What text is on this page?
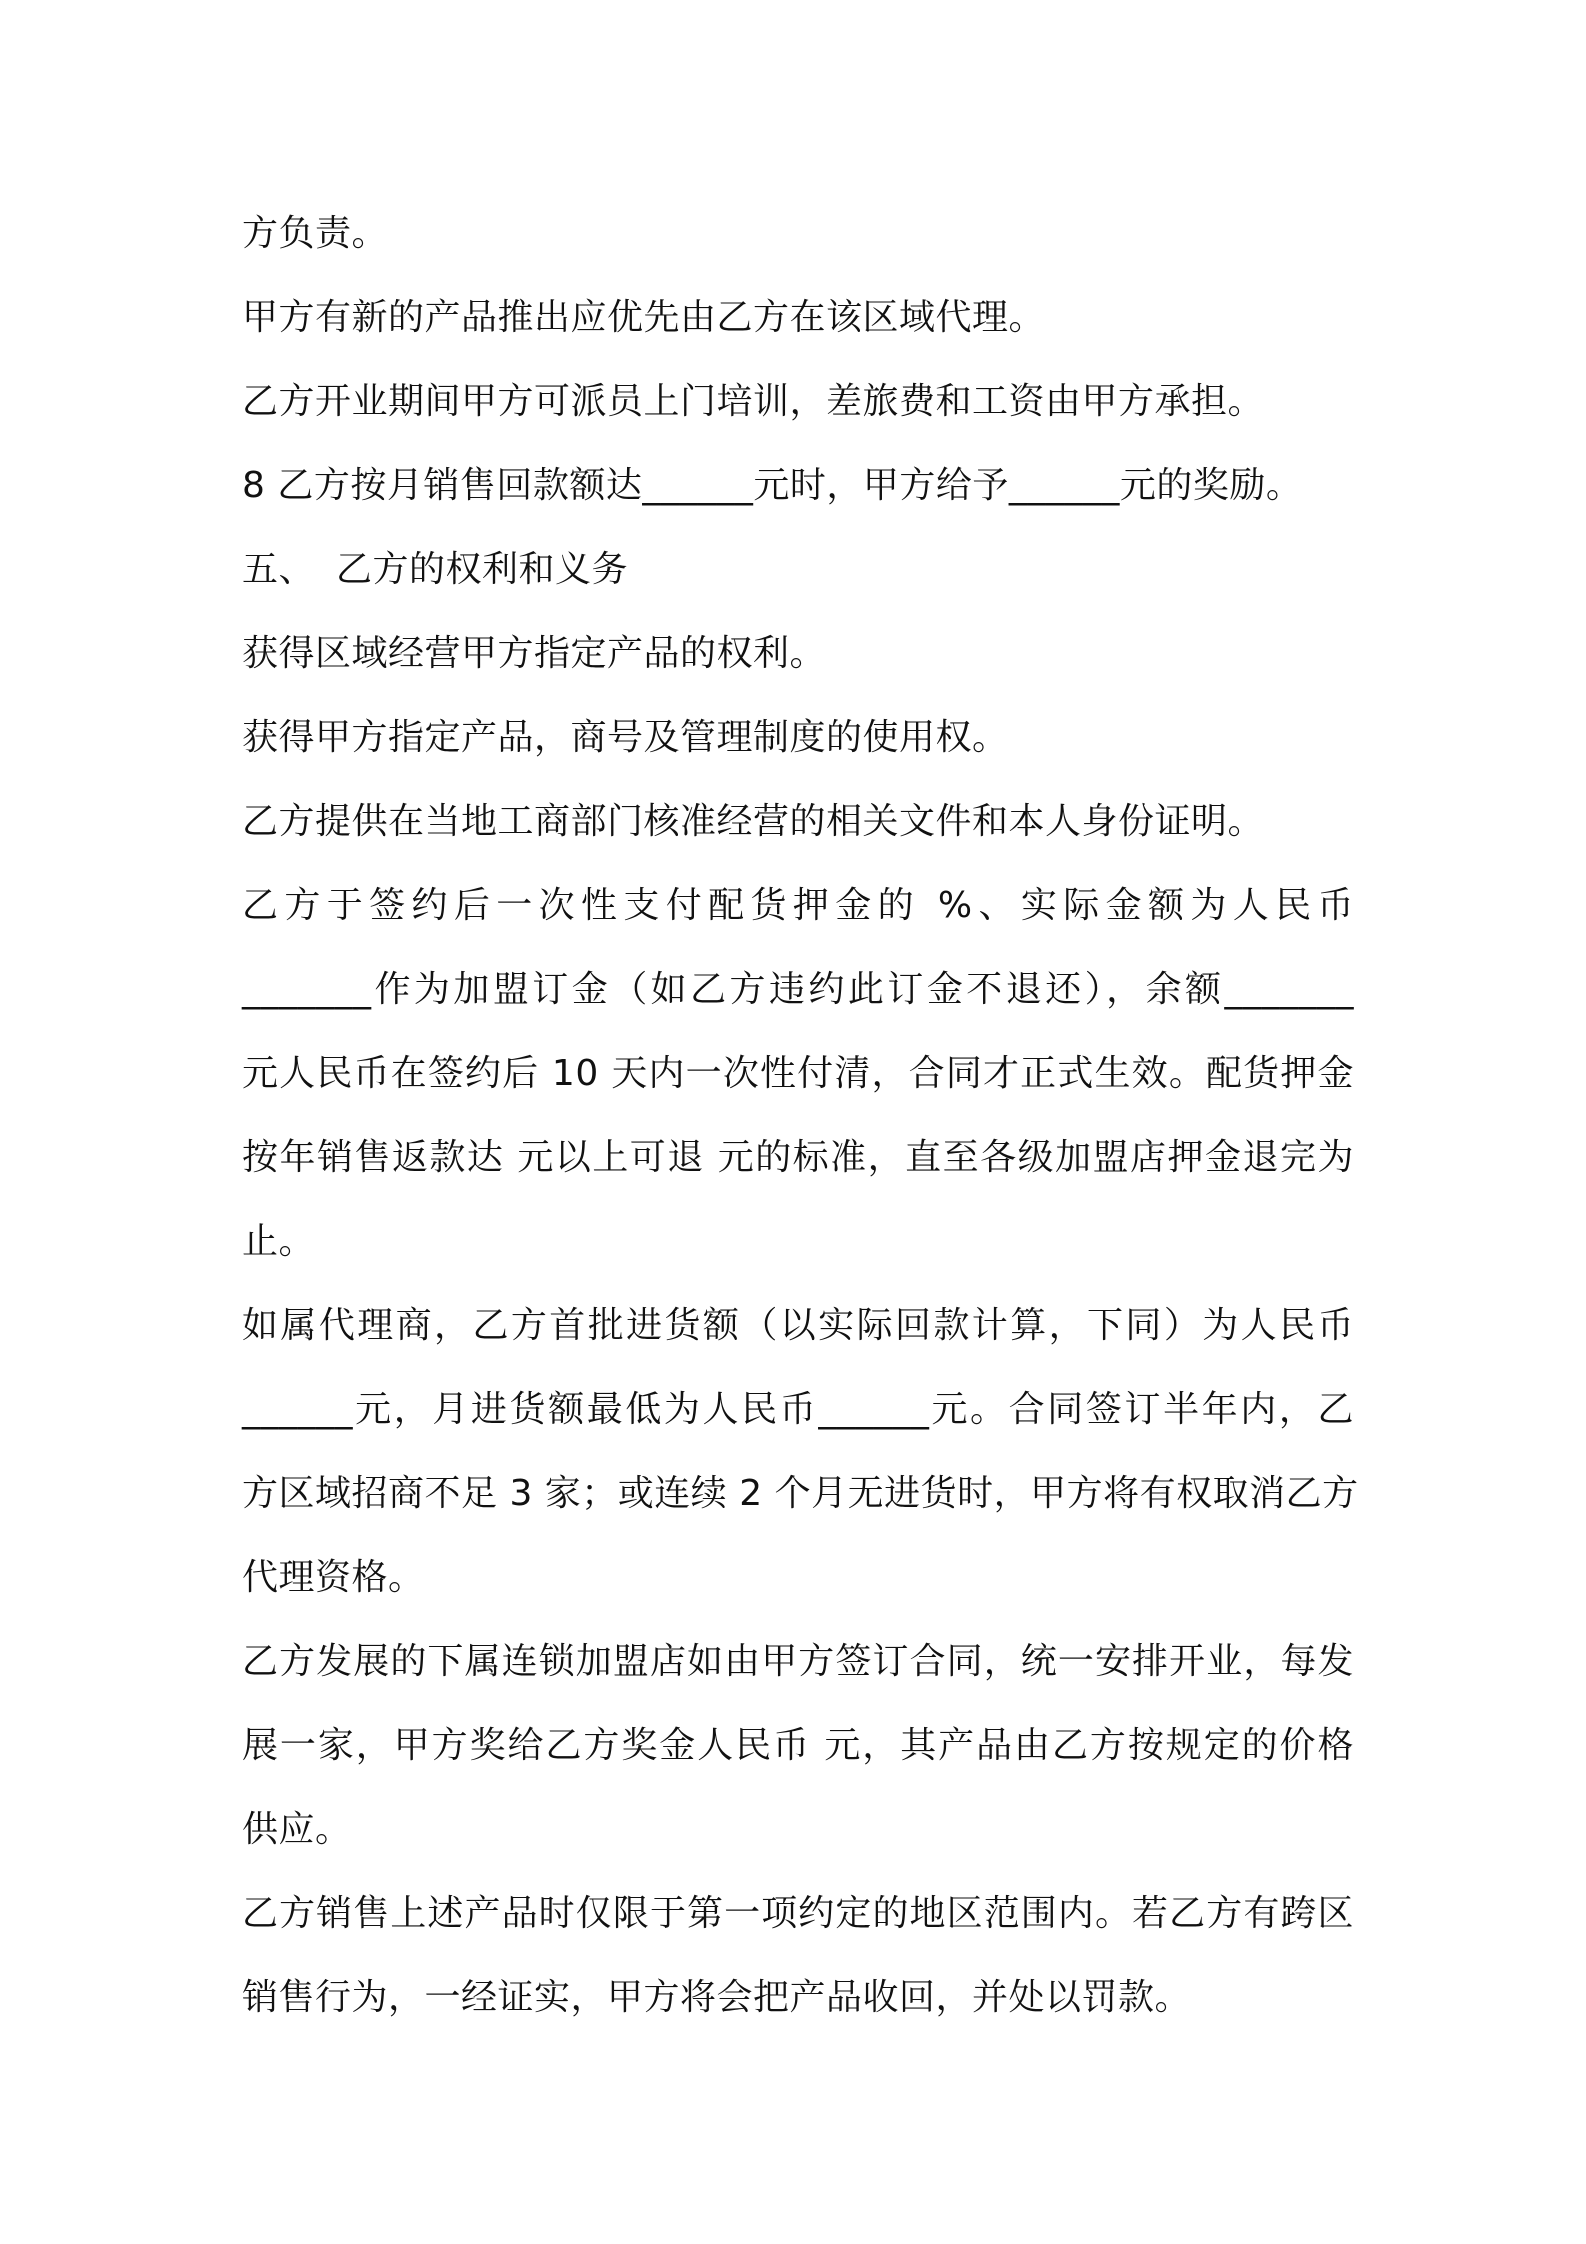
方负责。
甲方有新的产品推出应优先由乙方在该区域代理。
乙方开业期间甲方可派员上门培训，差旅费和工资由甲方承担。
8 乙方按月销售回款额达______元时，甲方给予______元的奖励。
五、 乙方的权利和义务
获得区域经营甲方指定产品的权利。
获得甲方指定产品，商号及管理制度的使用权。
乙方提供在当地工商部门核准经营的相关文件和本人身份证明。
乙方于签约后一次性支付配货押金的 %、实际金额为人民币
_______作为加盟订金（如乙方违约此订金不退还），余额_______
元人民币在签约后 10 天内一次性付清，合同才正式生效。配货押金
按年销售返款达 元以上可退 元的标准，直至各级加盟店押金退完为
止。
如属代理商，乙方首批进货额（以实际回款计算，下同）为人民币
______元，月进货额最低为人民币______元。合同签订半年内，乙
方区域招商不足 3 家；或连续 2 个月无进货时，甲方将有权取消乙方
代理资格。
乙方发展的下属连锁加盟店如由甲方签订合同，统一安排开业，每发
展一家，甲方奖给乙方奖金人民币 元，其产品由乙方按规定的价格
供应。
乙方销售上述产品时仅限于第一项约定的地区范围内。若乙方有跨区
销售行为，一经证实，甲方将会把产品收回，并处以罚款。
